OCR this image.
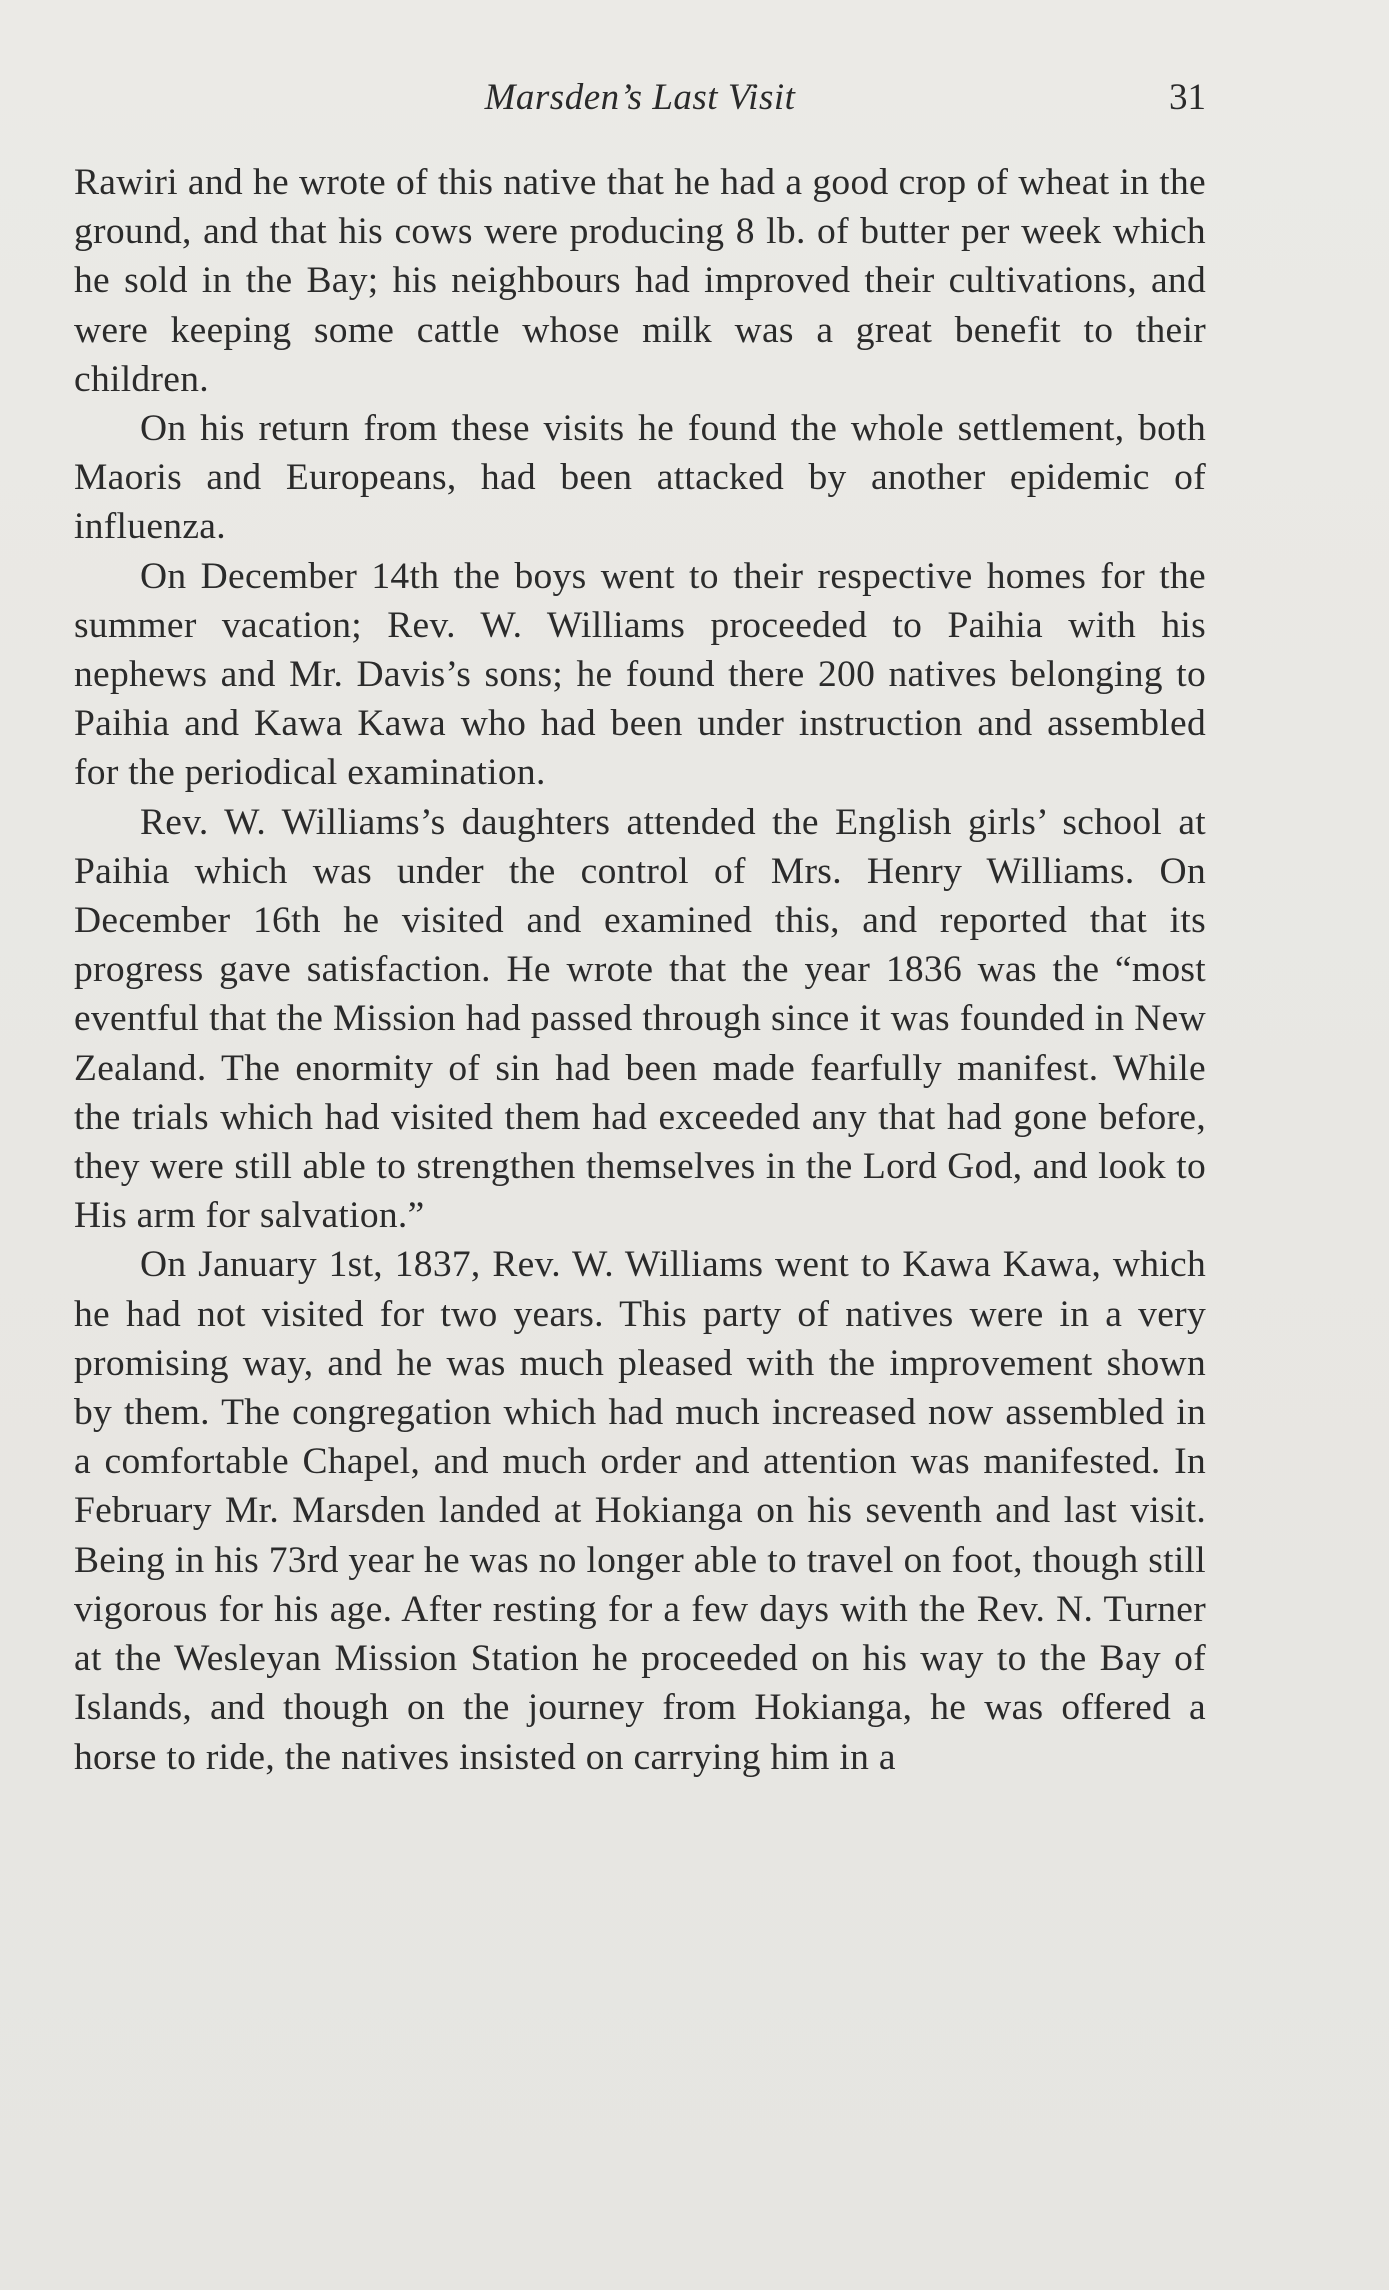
Marsden’s Last Visit	31

Rawiri and he wrote of this native that he had a good crop of wheat in the ground, and that his cows were producing 8 lb. of butter per week which he sold in the Bay; his neighbours had improved their cultivations, and were keeping some cattle whose milk was a great benefit to their children.

On his return from these visits he found the whole settlement, both Maoris and Europeans, had been attacked by another epidemic of influenza.

On December 14th the boys went to their respective homes for the summer vacation; Rev. W. Williams proceeded to Paihia with his nephews and Mr. Davis’s sons; he found there 200 natives belonging to Paihia and Kawa Kawa who had been under instruction and assembled for the periodical examination.

Rev. W. Williams’s daughters attended the English girls’ school at Paihia which was under the control of Mrs. Henry Williams. On December 16th he visited and examined this, and reported that its progress gave satisfaction. He wrote that the year 1836 was the “most eventful that the Mission had passed through since it was founded in New Zealand. The enormity of sin had been made fearfully manifest. While the trials which had visited them had exceeded any that had gone before, they were still able to strengthen themselves in the Lord God, and look to His arm for salvation.”

On January 1st, 1837, Rev. W. Williams went to Kawa Kawa, which he had not visited for two years. This party of natives were in a very promising way, and he was much pleased with the improvement shown by them. The congregation which had much increased now assembled in a comfortable Chapel, and much order and attention was manifested. In February Mr. Marsden landed at Hokianga on his seventh and last visit. Being in his 73rd year he was no longer able to travel on foot, though still vigorous for his age. After resting for a few days with the Rev. N. Turner at the Wesleyan Mission Station he proceeded on his way to the Bay of Islands, and though on the journey from Hokianga, he was offered a horse to ride, the natives insisted on carrying him in a
